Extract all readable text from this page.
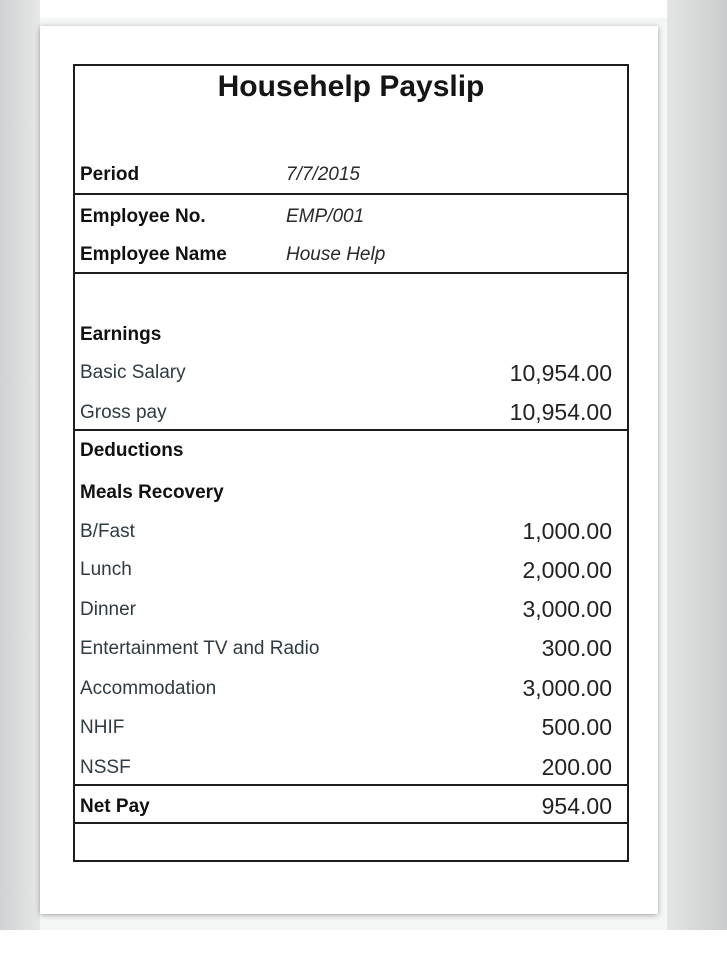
Househelp Payslip
Period	7/7/2015
Employee No.	EMP/001
Employee Name	House Help
Earnings
Basic Salary	10,954.00
Gross pay	10,954.00
Deductions
Meals Recovery
B/Fast	1,000.00
Lunch	2,000.00
Dinner	3,000.00
Entertainment TV and Radio	300.00
Accommodation	3,000.00
NHIF	500.00
NSSF	200.00
Net Pay	954.00
